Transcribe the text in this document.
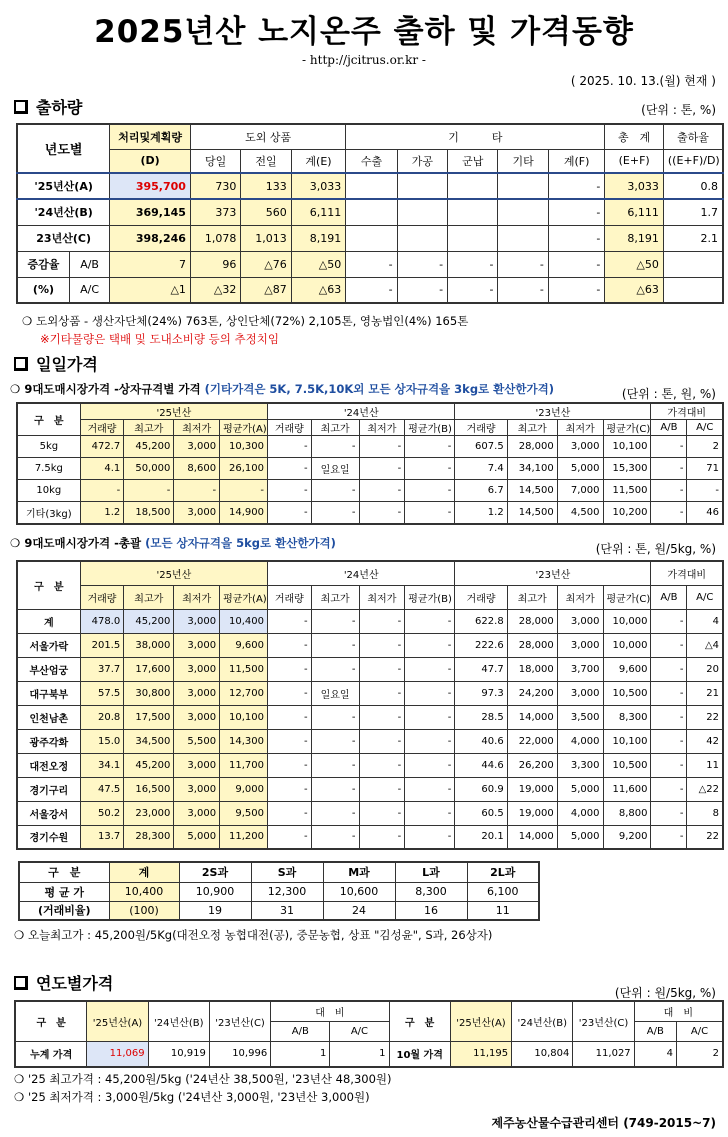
2025년산 노지온주 출하 및 가격동향
- http://jcitrus.or.kr -
( 2025. 10. 13.(월) 현재 )
출하량	(단위 : 톤, %)
년도별		처리및계획량	도외 상품			기　　　타					총　계	출하율
		(D)	당일	전일	계(E)	수출	가공	군납	기타	계(F)	(E+F)	((E+F)/D)
'25년산(A)		395,700	730	133	3,033					-	3,033	0.8
'24년산(B)		369,145	373	560	6,111					-	6,111	1.7
23년산(C)		398,246	1,078	1,013	8,191					-	8,191	2.1
증감율	A/B	7	96	△76	△50	-	-	-	-	-	△50	
(%)	A/C	△1	△32	△87	△63	-	-	-	-	-	△63	
❍ 도외상품 - 생산자단체(24%) 763톤, 상인단체(72%) 2,105톤, 영농법인(4%) 165톤
※기타물량은 택배 및 도내소비량 등의 추정치임
일일가격
❍ 9대도매시장가격 -상자규격별 가격 (기타가격은 5K, 7.5K,10K외 모든 상자규격을 3kg로 환산한가격)	(단위 : 톤, 원, %)
구　분	'25년산				'24년산				'23년산				가격대비	
	거래량	최고가	최저가	평균가(A)	거래량	최고가	최저가	평균가(B)	거래량	최고가	최저가	평균가(C)	A/B	A/C
5kg	472.7	45,200	3,000	10,300	-	-	-	-	607.5	28,000	3,000	10,100	-	2
7.5kg	4.1	50,000	8,600	26,100	-	일요일	-	-	7.4	34,100	5,000	15,300	-	71
10kg	-	-	-	-	-	-	-	-	6.7	14,500	7,000	11,500	-	-
기타(3kg)	1.2	18,500	3,000	14,900	-	-	-	-	1.2	14,500	4,500	10,200	-	46
❍ 9대도매시장가격 -총괄 (모든 상자규격을 5kg로 환산한가격)	(단위 : 톤, 원/5kg, %)
구　분	'25년산				'24년산				'23년산				가격대비	
	거래량	최고가	최저가	평균가(A)	거래량	최고가	최저가	평균가(B)	거래량	최고가	최저가	평균가(C)	A/B	A/C
계	478.0	45,200	3,000	10,400	-	-	-	-	622.8	28,000	3,000	10,000	-	4
서울가락	201.5	38,000	3,000	9,600	-	-	-	-	222.6	28,000	3,000	10,000	-	△4
부산엄궁	37.7	17,600	3,000	11,500	-	-	-	-	47.7	18,000	3,700	9,600	-	20
대구북부	57.5	30,800	3,000	12,700	-	일요일	-	-	97.3	24,200	3,000	10,500	-	21
인천남촌	20.8	17,500	3,000	10,100	-	-	-	-	28.5	14,000	3,500	8,300	-	22
광주각화	15.0	34,500	5,500	14,300	-	-	-	-	40.6	22,000	4,000	10,100	-	42
대전오정	34.1	45,200	3,000	11,700	-	-	-	-	44.6	26,200	3,300	10,500	-	11
경기구리	47.5	16,500	3,000	9,000	-	-	-	-	60.9	19,000	5,000	11,600	-	△22
서울강서	50.2	23,000	3,000	9,500	-	-	-	-	60.5	19,000	4,000	8,800	-	8
경기수원	13.7	28,300	5,000	11,200	-	-	-	-	20.1	14,000	5,000	9,200	-	22
구　분	계	2S과	S과	M과	L과	2L과
평 균 가	10,400	10,900	12,300	10,600	8,300	6,100
(거래비율)	(100)	19	31	24	16	11
❍ 오늘최고가 : 45,200원/5Kg(대전오정 농협대전(공), 중문농협, 상표 "김성윤", S과, 26상자)
연도별가격	(단위 : 원/5kg, %)
구　분	'25년산(A)	'24년산(B)	'23년산(C)	대　비		구　분	'25년산(A)	'24년산(B)	'23년산(C)	대　비	
				A/B	A/C					A/B	A/C
누계 가격	11,069	10,919	10,996	1	1	10월 가격	11,195	10,804	11,027	4	2
❍ '25 최고가격 : 45,200원/5kg ('24년산 38,500원, '23년산 48,300원)
❍ '25 최저가격 : 3,000원/5kg ('24년산 3,000원, '23년산 3,000원)
제주농산물수급관리센터 (749-2015~7)
